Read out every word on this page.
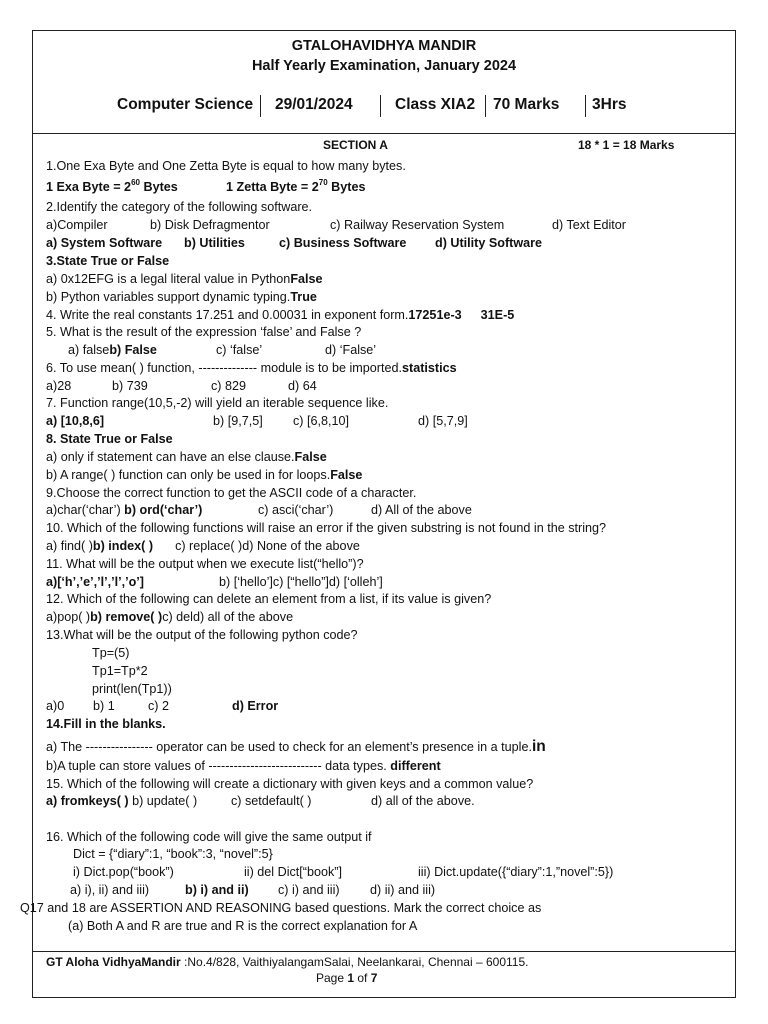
GTALOHAVIDHYA MANDIR
Half Yearly Examination, January 2024
Computer Science 29/01/2024	Class XIA2 70 Marks 3Hrs
SECTION A	18 * 1 = 18 Marks
1.One Exa Byte and One Zetta Byte is equal to how many bytes.
1 Exa Byte = $2^{60}$ Bytes	1 Zetta Byte = $2^{70}$ Bytes
2.Identify the category of the following software.
a)Compiler	b) Disk Defragmentor	c) Railway Reservation System	d) Text Editor
a) System Software b) Utilities	c) Business Software d) Utility Software
3.State True or False
a) 0x12EFG is a legal literal value in PythonFalse
b) Python variables support dynamic typing.True
4. Write the real constants 17.251 and 0.00031 in exponent form.17251e-3 31E-5
5. What is the result of the expression ‘false’ and False ?
a) falseb) False	c) ‘false’	d) ‘False’
6. To use mean( ) function, -------------- module is to be imported.statistics
a)28	b) 739	c) 829	d) 64
7. Function range(10,5,-2) will yield an iterable sequence like.
a) [10,8,6]	b) [9,7,5] c) [6,8,10]	d) [5,7,9]
8. State True or False
a) only if statement can have an else clause.False
b) A range( ) function can only be used in for loops.False
9.Choose the correct function to get the ASCII code of a character.
a)char(‘char’) b) ord(‘char’)	c) asci(‘char’)	d) All of the above
10. Which of the following functions will raise an error if the given substring is not found in the string?
a) find( )b) index( ) c) replace( )d) None of the above
11. What will be the output when we execute list(“hello”)?
a)[‘h’,’e’,’l’,’l’,’o’]	b) [‘hello’]c) [“hello”]d) [‘olleh’]
12. Which of the following can delete an element from a list, if its value is given?
a)pop( )b) remove( )c) deld) all of the above
13.What will be the output of the following python code?
Tp=(5)
Tp1=Tp*2
print(len(Tp1))
a)0 b) 1	c) 2	d) Error
14.Fill in the blanks.
a) The ---------------- operator can be used to check for an element’s presence in a tuple.in
b)A tuple can store values of --------------------------- data types. different
15. Which of the following will create a dictionary with given keys and a common value?
a) fromkeys( ) b) update( )	c) setdefault( )	d) all of the above.
16. Which of the following code will give the same output if
Dict = {“diary”:1, “book”:3, “novel”:5}
i) Dict.pop(“book”)	ii) del Dict[“book”]	iii) Dict.update({“diary”:1,”novel”:5})
a) i), ii) and iii)	b) i) and ii) c) i) and iii) d) ii) and iii)
Q17 and 18 are ASSERTION AND REASONING based questions. Mark the correct choice as
(a) Both A and R are true and R is the correct explanation for A
GT Aloha VidhyaMandir :No.4/828, VaithiyalangamSalai, Neelankarai, Chennai – 600115.
Page 1 of 7
